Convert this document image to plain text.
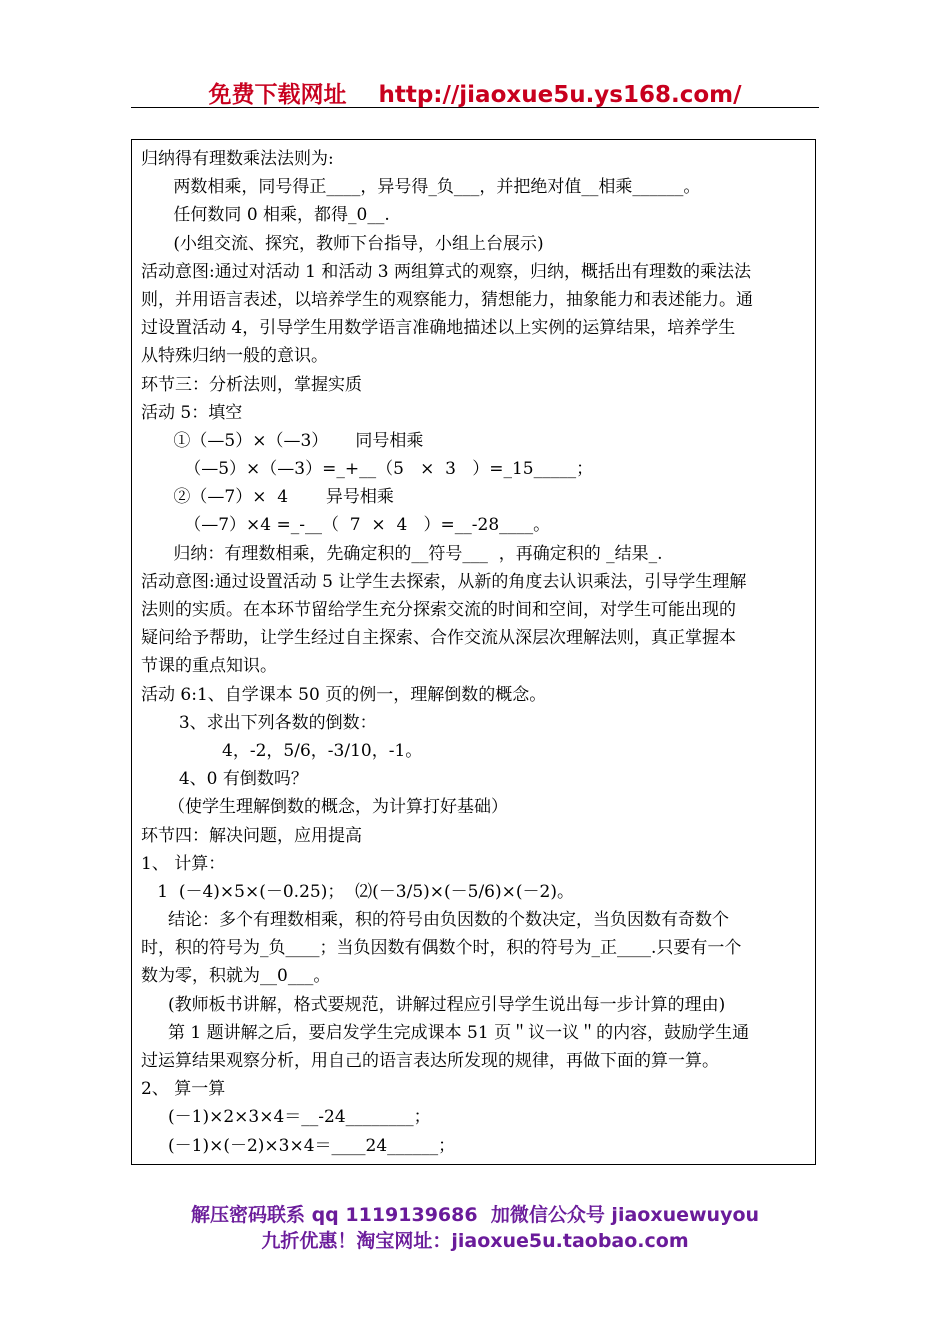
免费下载网址    http://jiaoxue5u.ys168.com/
归纳得有理数乘法法则为:
两数相乘，同号得正____，异号得_负___，并把绝对值__相乘______。
任何数同 0 相乘，都得_0__.
(小组交流、探究，教师下台指导，小组上台展示)
活动意图:通过对活动 1 和活动 3 两组算式的观察，归纳，概括出有理数的乘法法
则，并用语言表述，以培养学生的观察能力，猜想能力，抽象能力和表述能力。通
过设置活动 4，引导学生用数学语言准确地描述以上实例的运算结果，培养学生
从特殊归纳一般的意识。
环节三：分析法则，掌握实质
活动 5：填空
①（—5）×（—3）     同号相乘
（—5）×（—3）=_+__（5   ×  3   ）=_15_____；
②（—7）×  4       异号相乘
（—7）×4 =_-__（  7  ×  4   ）=__-28____。
归纳：有理数相乘，先确定积的__符号___  ，再确定积的 _结果_.
活动意图:通过设置活动 5 让学生去探索，从新的角度去认识乘法，引导学生理解
法则的实质。在本环节留给学生充分探索交流的时间和空间，对学生可能出现的
疑问给予帮助，让学生经过自主探索、合作交流从深层次理解法则，真正掌握本
节课的重点知识。
活动 6:1、自学课本 50 页的例一，理解倒数的概念。
3、求出下列各数的倒数：
4，-2，5/6，-3/10，-1。
4、0 有倒数吗？
（使学生理解倒数的概念，为计算打好基础）
环节四：解决问题，应用提高
1、 计算：
1  (－4)×5×(－0.25)；  ⑵(－3/5)×(－5/6)×(－2)。
结论：多个有理数相乘，积的符号由负因数的个数决定，当负因数有奇数个
时，积的符号为_负____；当负因数有偶数个时，积的符号为_正____.只要有一个
数为零，积就为__0___。
(教师板书讲解，格式要规范，讲解过程应引导学生说出每一步计算的理由)
第 1 题讲解之后，要启发学生完成课本 51 页＂议一议＂的内容，鼓励学生通
过运算结果观察分析，用自己的语言表达所发现的规律，再做下面的算一算。
2、 算一算
(－1)×2×3×4＝__-24________；
(－1)×(－2)×3×4＝____24______；
解压密码联系 qq 1119139686  加微信公众号 jiaoxuewuyou
九折优惠！淘宝网址：jiaoxue5u.taobao.com
